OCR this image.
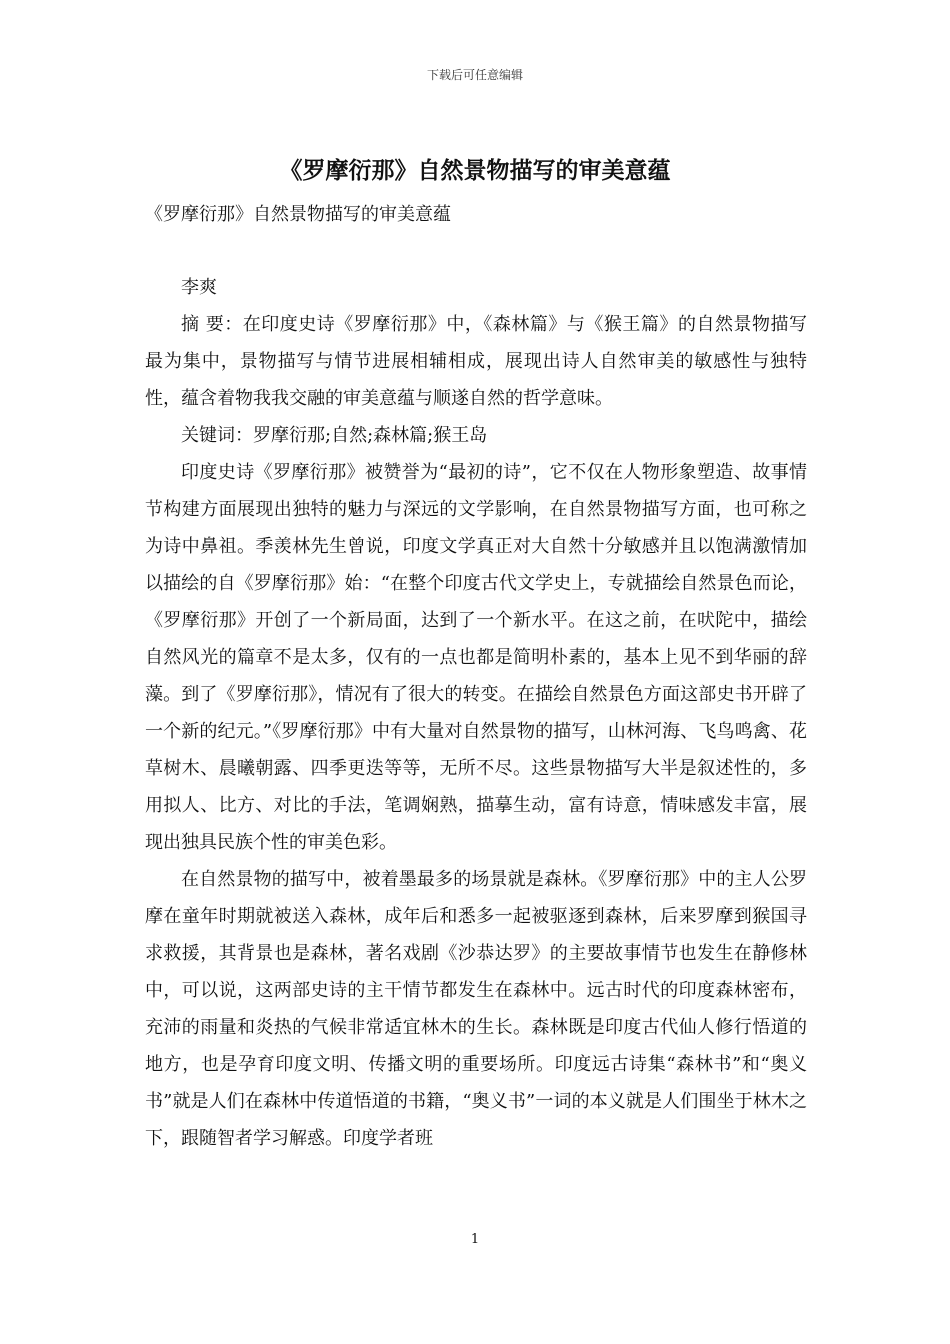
下载后可任意编辑
《罗摩衍那》自然景物描写的审美意蕴

《罗摩衍那》自然景物描写的审美意蕴

李爽

摘 要：在印度史诗《罗摩衍那》中，《森林篇》与《猴王篇》的自然景物描写最为集中，景物描写与情节进展相辅相成，展现出诗人自然审美的敏感性与独特性，蕴含着物我我交融的审美意蕴与顺遂自然的哲学意味。

关键词：罗摩衍那;自然;森林篇;猴王岛

印度史诗《罗摩衍那》被赞誉为“最初的诗”，它不仅在人物形象塑造、故事情节构建方面展现出独特的魅力与深远的文学影响，在自然景物描写方面，也可称之为诗中鼻祖。季羡林先生曾说，印度文学真正对大自然十分敏感并且以饱满激情加以描绘的自《罗摩衍那》始：“在整个印度古代文学史上，专就描绘自然景色而论，《罗摩衍那》开创了一个新局面，达到了一个新水平。在这之前，在吠陀中，描绘自然风光的篇章不是太多，仅有的一点也都是简明朴素的，基本上见不到华丽的辞藻。到了《罗摩衍那》，情况有了很大的转变。在描绘自然景色方面这部史书开辟了一个新的纪元。”《罗摩衍那》中有大量对自然景物的描写，山林河海、飞鸟鸣禽、花草树木、晨曦朝露、四季更迭等等，无所不尽。这些景物描写大半是叙述性的，多用拟人、比方、对比的手法，笔调娴熟，描摹生动，富有诗意，情味感发丰富，展现出独具民族个性的审美色彩。

在自然景物的描写中，被着墨最多的场景就是森林。《罗摩衍那》中的主人公罗摩在童年时期就被送入森林，成年后和悉多一起被驱逐到森林，后来罗摩到猴国寻求救援，其背景也是森林，著名戏剧《沙恭达罗》的主要故事情节也发生在静修林中，可以说，这两部史诗的主干情节都发生在森林中。远古时代的印度森林密布，充沛的雨量和炎热的气候非常适宜林木的生长。森林既是印度古代仙人修行悟道的地方，也是孕育印度文明、传播文明的重要场所。印度远古诗集“森林书”和“奥义书”就是人们在森林中传道悟道的书籍，“奥义书”一词的本义就是人们围坐于林木之下，跟随智者学习解惑。印度学者班

1
